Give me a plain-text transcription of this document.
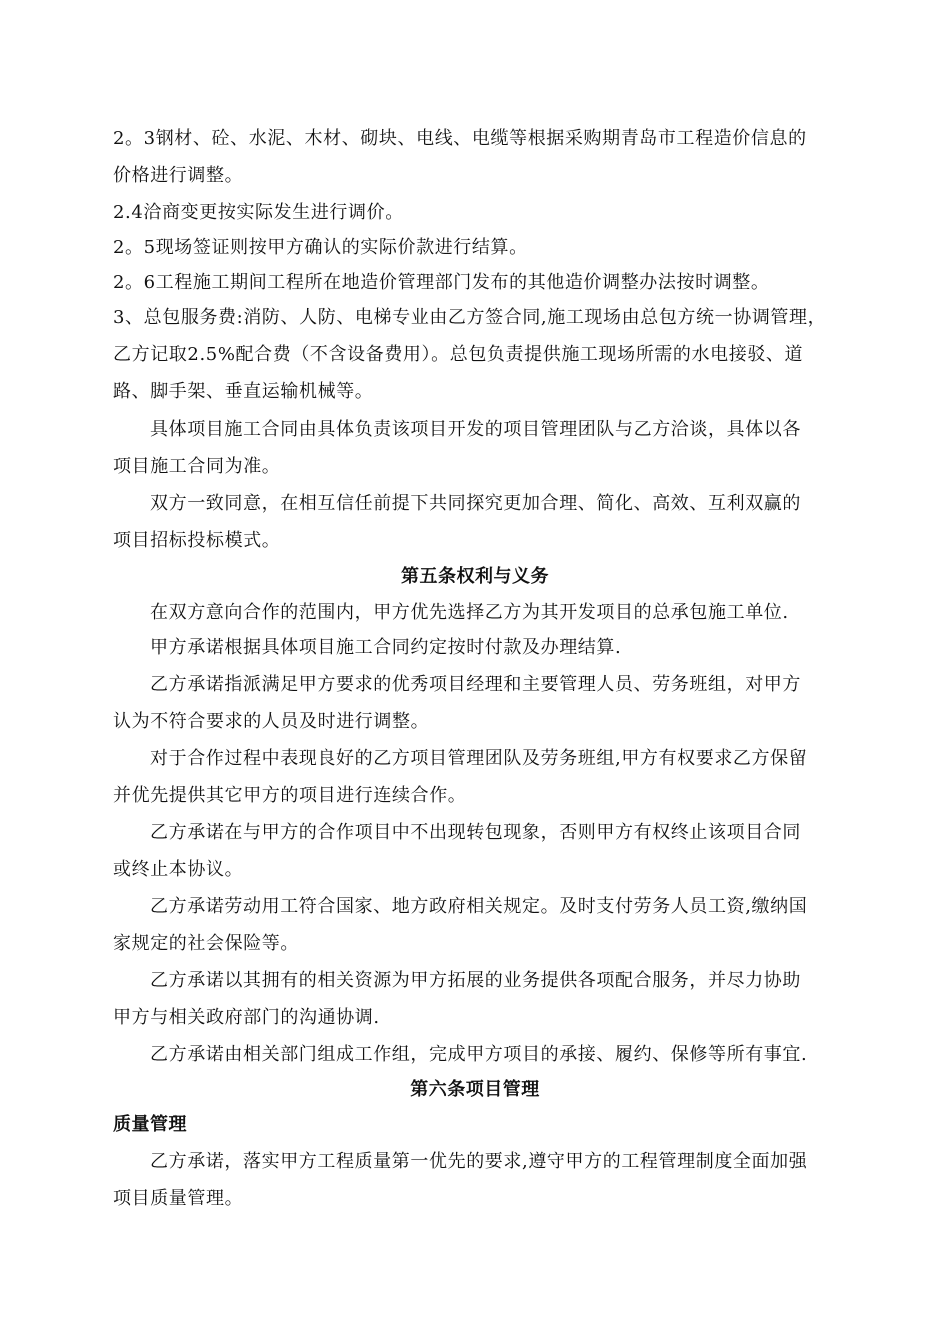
2。3钢材、砼、水泥、木材、砌块、电线、电缆等根据采购期青岛市工程造价信息的
价格进行调整。
2.4洽商变更按实际发生进行调价。
2。5现场签证则按甲方确认的实际价款进行结算。
2。6工程施工期间工程所在地造价管理部门发布的其他造价调整办法按时调整。
3、总包服务费:消防、人防、电梯专业由乙方签合同,施工现场由总包方统一协调管理，
乙方记取2.5%配合费（不含设备费用）。总包负责提供施工现场所需的水电接驳、道
路、脚手架、垂直运输机械等。
具体项目施工合同由具体负责该项目开发的项目管理团队与乙方洽谈，具体以各
项目施工合同为准。
双方一致同意，在相互信任前提下共同探究更加合理、简化、高效、互利双赢的
项目招标投标模式。
第五条权利与义务
在双方意向合作的范围内，甲方优先选择乙方为其开发项目的总承包施工单位.
甲方承诺根据具体项目施工合同约定按时付款及办理结算.
乙方承诺指派满足甲方要求的优秀项目经理和主要管理人员、劳务班组，对甲方
认为不符合要求的人员及时进行调整。
对于合作过程中表现良好的乙方项目管理团队及劳务班组,甲方有权要求乙方保留
并优先提供其它甲方的项目进行连续合作。
乙方承诺在与甲方的合作项目中不出现转包现象，否则甲方有权终止该项目合同
或终止本协议。
乙方承诺劳动用工符合国家、地方政府相关规定。及时支付劳务人员工资,缴纳国
家规定的社会保险等。
乙方承诺以其拥有的相关资源为甲方拓展的业务提供各项配合服务，并尽力协助
甲方与相关政府部门的沟通协调.
乙方承诺由相关部门组成工作组，完成甲方项目的承接、履约、保修等所有事宜.
第六条项目管理
质量管理
乙方承诺，落实甲方工程质量第一优先的要求,遵守甲方的工程管理制度全面加强
项目质量管理。
